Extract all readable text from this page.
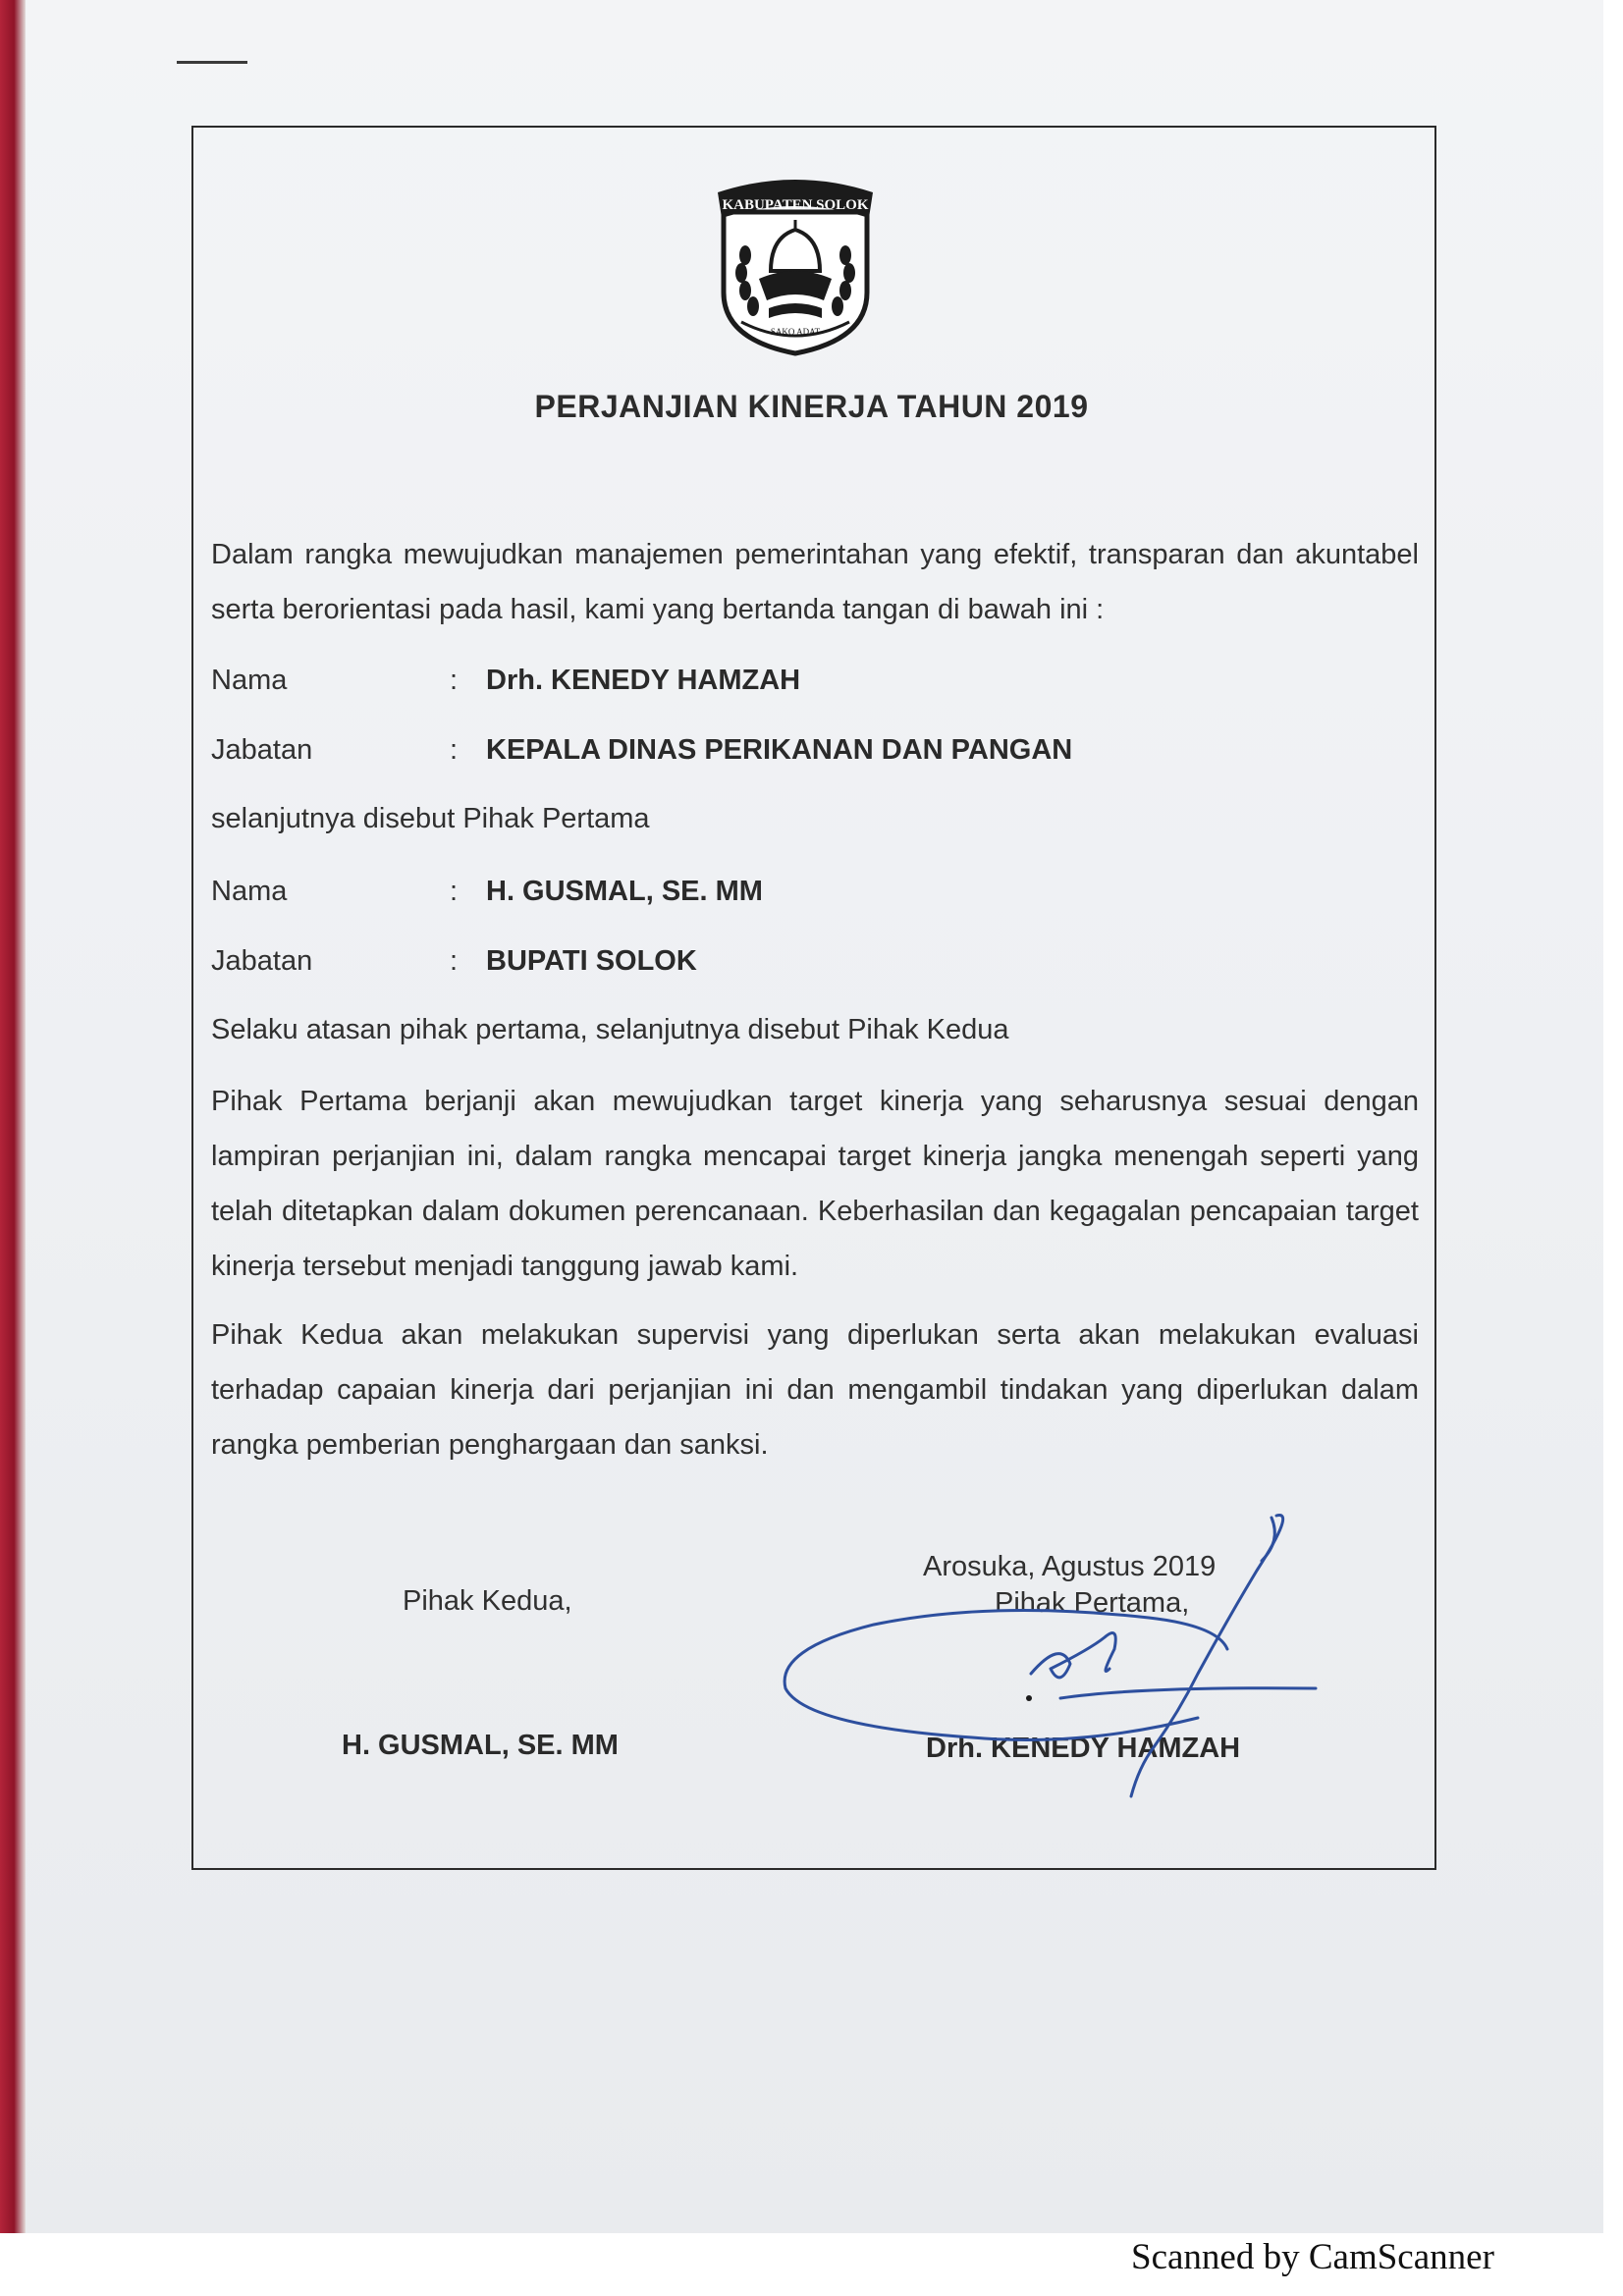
KABUPATEN SOLOK
SAKO ADAT
PERJANJIAN KINERJA TAHUN 2019
Dalam rangka mewujudkan manajemen pemerintahan yang efektif, transparan dan akuntabel serta berorientasi pada hasil, kami yang bertanda tangan di bawah ini :
Nama	: Drh. KENEDY HAMZAH
Jabatan	: KEPALA DINAS PERIKANAN DAN PANGAN
selanjutnya disebut Pihak Pertama
Nama	: H. GUSMAL, SE. MM
Jabatan	: BUPATI SOLOK
Selaku atasan pihak pertama, selanjutnya disebut Pihak Kedua
Pihak Pertama berjanji akan mewujudkan target kinerja yang seharusnya sesuai dengan lampiran perjanjian ini, dalam rangka mencapai target kinerja jangka menengah seperti yang telah ditetapkan dalam dokumen perencanaan. Keberhasilan dan kegagalan pencapaian target kinerja tersebut menjadi tanggung jawab kami.
Pihak Kedua akan melakukan supervisi yang diperlukan serta akan melakukan evaluasi terhadap capaian kinerja dari perjanjian ini dan mengambil tindakan yang diperlukan dalam rangka pemberian penghargaan dan sanksi.
Arosuka, Agustus 2019
Pihak Pertama,
Pihak Kedua,
H. GUSMAL, SE. MM	Drh. KENEDY HAMZAH
Scanned by CamScanner
